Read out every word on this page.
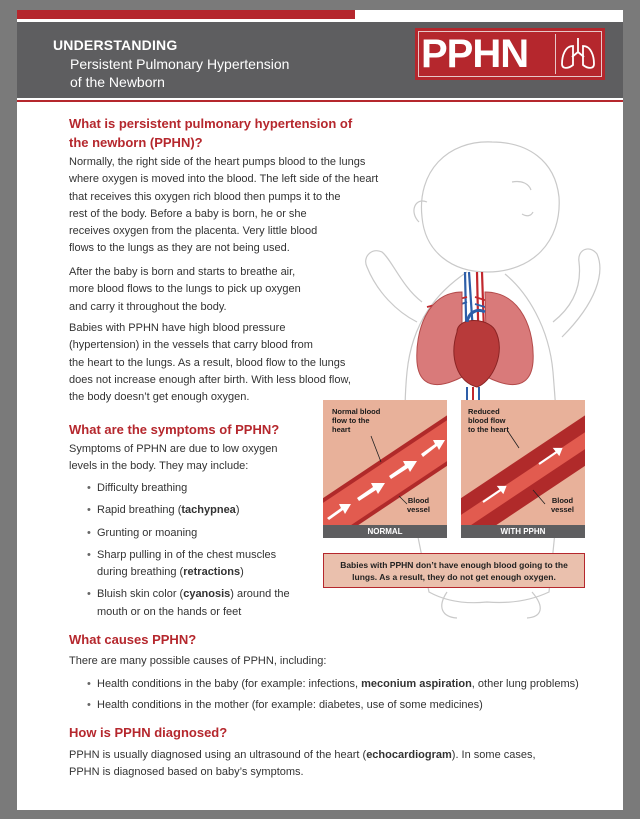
UNDERSTANDING
Persistent Pulmonary Hypertension
of the Newborn
PPHN
What is persistent pulmonary hypertension of
the newborn (PPHN)?
Normally, the right side of the heart pumps blood to the lungs
where oxygen is moved into the blood. The left side of the heart
that receives this oxygen rich blood then pumps it to the
rest of the body. Before a baby is born, he or she
receives oxygen from the placenta. Very little blood
flows to the lungs as they are not being used.
After the baby is born and starts to breathe air,
more blood flows to the lungs to pick up oxygen
and carry it throughout the body.
Babies with PPHN have high blood pressure
(hypertension) in the vessels that carry blood from
the heart to the lungs. As a result, blood flow to the lungs
does not increase enough after birth. With less blood flow,
the body doesn’t get enough oxygen.
What are the symptoms of PPHN?
Symptoms of PPHN are due to low oxygen
levels in the body. They may include:
• Difficulty breathing
• Rapid breathing (tachypnea)
• Grunting or moaning
• Sharp pulling in of the chest muscles
during breathing (retractions)
• Bluish skin color (cyanosis) around the
mouth or on the hands or feet
Normal blood
flow to the
heart
Blood
vessel
NORMAL
Reduced
blood flow
to the heart
Blood
vessel
WITH PPHN
Babies with PPHN don’t have enough blood going to the
lungs. As a result, they do not get enough oxygen.
What causes PPHN?
There are many possible causes of PPHN, including:
• Health conditions in the baby (for example: infections, meconium aspiration, other lung problems)
• Health conditions in the mother (for example: diabetes, use of some medicines)
How is PPHN diagnosed?
PPHN is usually diagnosed using an ultrasound of the heart (echocardiogram). In some cases,
PPHN is diagnosed based on baby’s symptoms.
